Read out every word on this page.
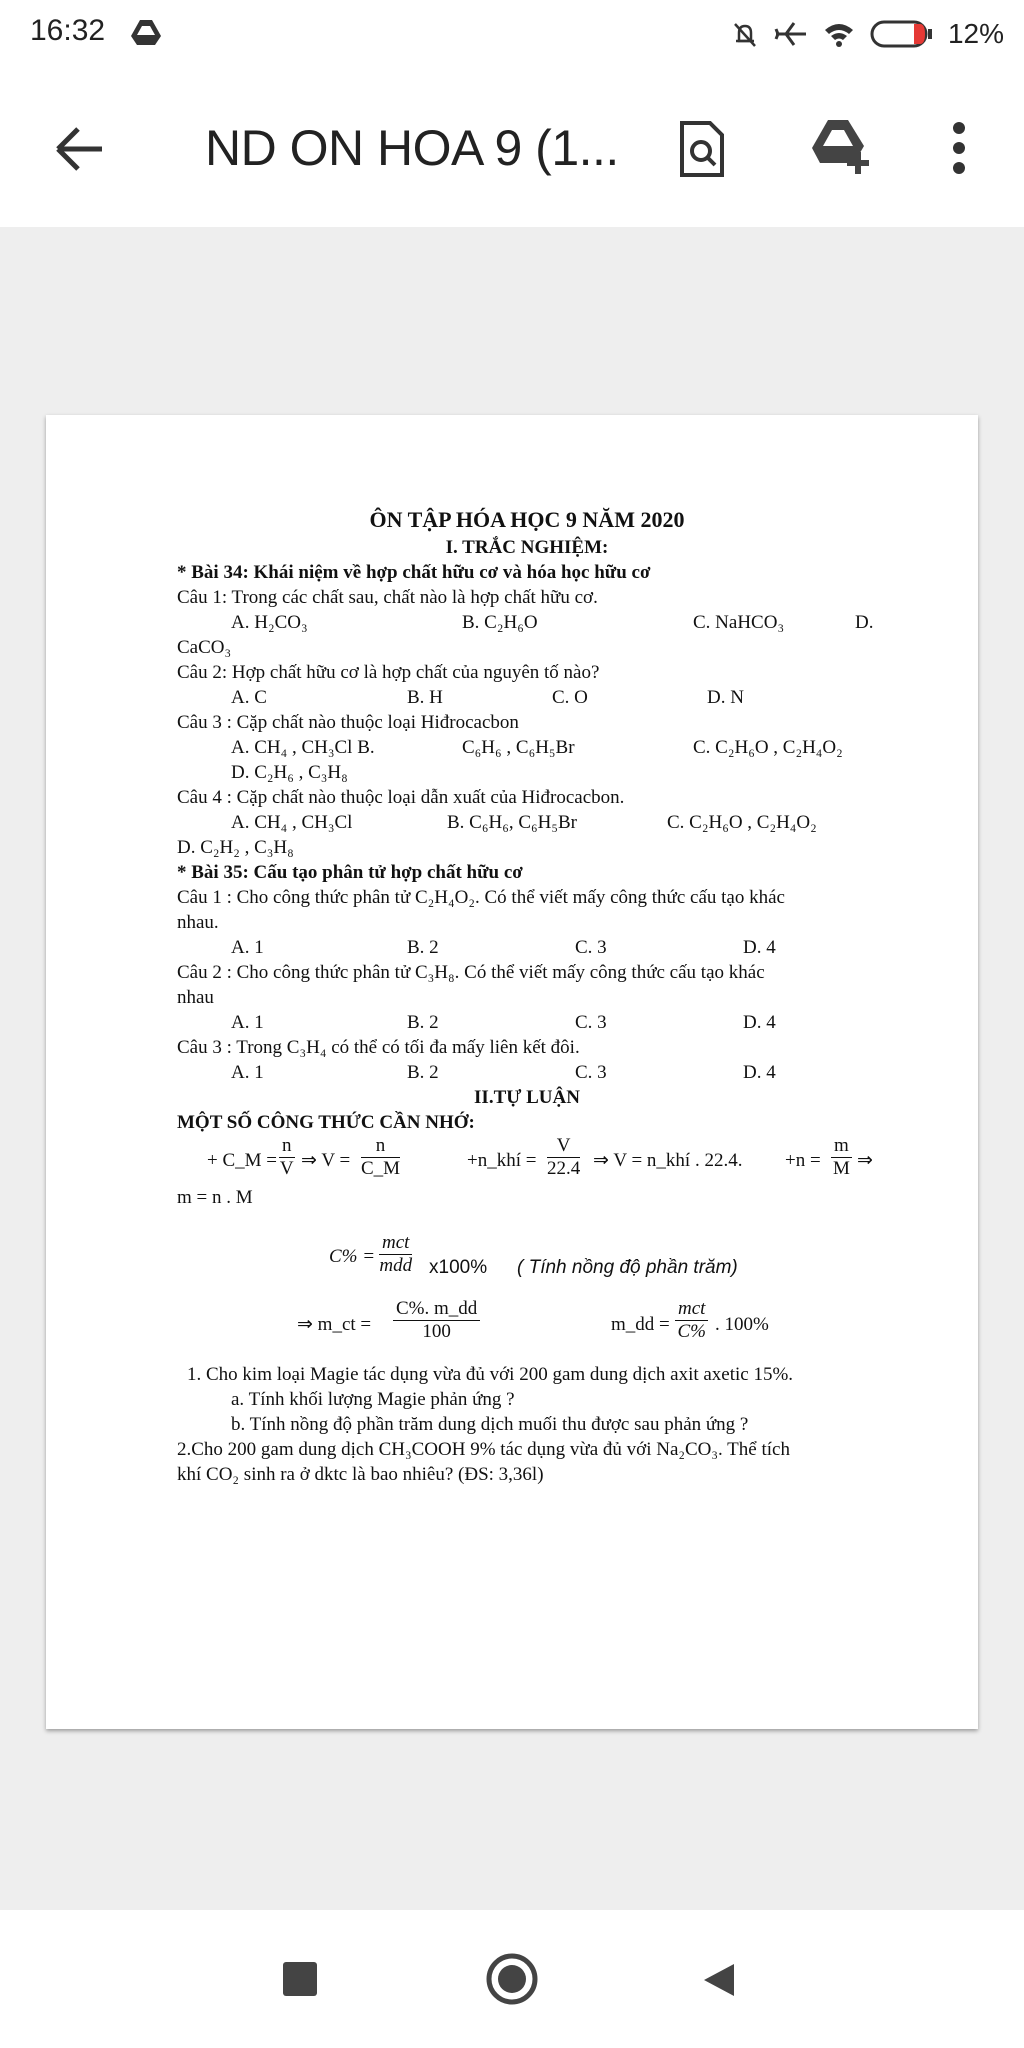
16:32	12%
ND ON HOA 9 (1...
ÔN TẬP HÓA HỌC 9 NĂM 2020
I. TRẮC NGHIỆM:
* Bài 34: Khái niệm về hợp chất hữu cơ và hóa học hữu cơ
Câu 1: Trong các chất sau, chất nào là hợp chất hữu cơ.
A. H₂CO₃	B. C₂H₆O	C. NaHCO₃	D.
CaCO₃
Câu 2: Hợp chất hữu cơ là hợp chất của nguyên tố nào?
A. C	B. H	C. O	D. N
Câu 3 : Cặp chất nào thuộc loại Hiđrocacbon
A. CH₄ , CH₃Cl B.	C₆H₆ , C₆H₅Br	C. C₂H₆O , C₂H₄O₂
D. C₂H₆ , C₃H₈
Câu 4 : Cặp chất nào thuộc loại dẫn xuất của Hiđrocacbon.
A. CH₄ , CH₃Cl	B. C₆H₆, C₆H₅Br	C. C₂H₆O , C₂H₄O₂
D. C₂H₂ , C₃H₈
* Bài 35: Cấu tạo phân tử hợp chất hữu cơ
Câu 1 : Cho công thức phân tử C₂H₄O₂. Có thể viết mấy công thức cấu tạo khác
nhau.
A. 1	B. 2	C. 3	D. 4
Câu 2 : Cho công thức phân tử C₃H₈. Có thể viết mấy công thức cấu tạo khác
nhau
A. 1	B. 2	C. 3	D. 4
Câu 3 : Trong C₃H₄ có thể có tối đa mấy liên kết đôi.
A. 1	B. 2	C. 3	D. 4
II.TỰ LUẬN
MỘT SỐ CÔNG THỨC CẦN NHỚ:
+ C_M = $\frac{n}{V}$ ⇒ $V = \frac{n}{C\_M}$	+n_khí = $\frac{V}{22.4}$ ⇒ V = n_khí . 22.4. $+n = \frac{m}{M}$ ⇒
m = n . M
C% =
mct
mdd x100% ( Tính nồng độ phần trăm)
⇒ m_ct = $\frac{C\%. m\_dd}{100}$	m_dd =
mct
C% . 100%
1. Cho kim loại Magie tác dụng vừa đủ với 200 gam dung dịch axit axetic 15%.
a. Tính khối lượng Magie phản ứng ?
b. Tính nồng độ phần trăm dung dịch muối thu được sau phản ứng ?
2.Cho 200 gam dung dịch CH₃COOH 9% tác dụng vừa đủ với Na₂CO₃. Thể tích
khí CO₂ sinh ra ở dktc là bao nhiêu? (ĐS: 3,36l)
